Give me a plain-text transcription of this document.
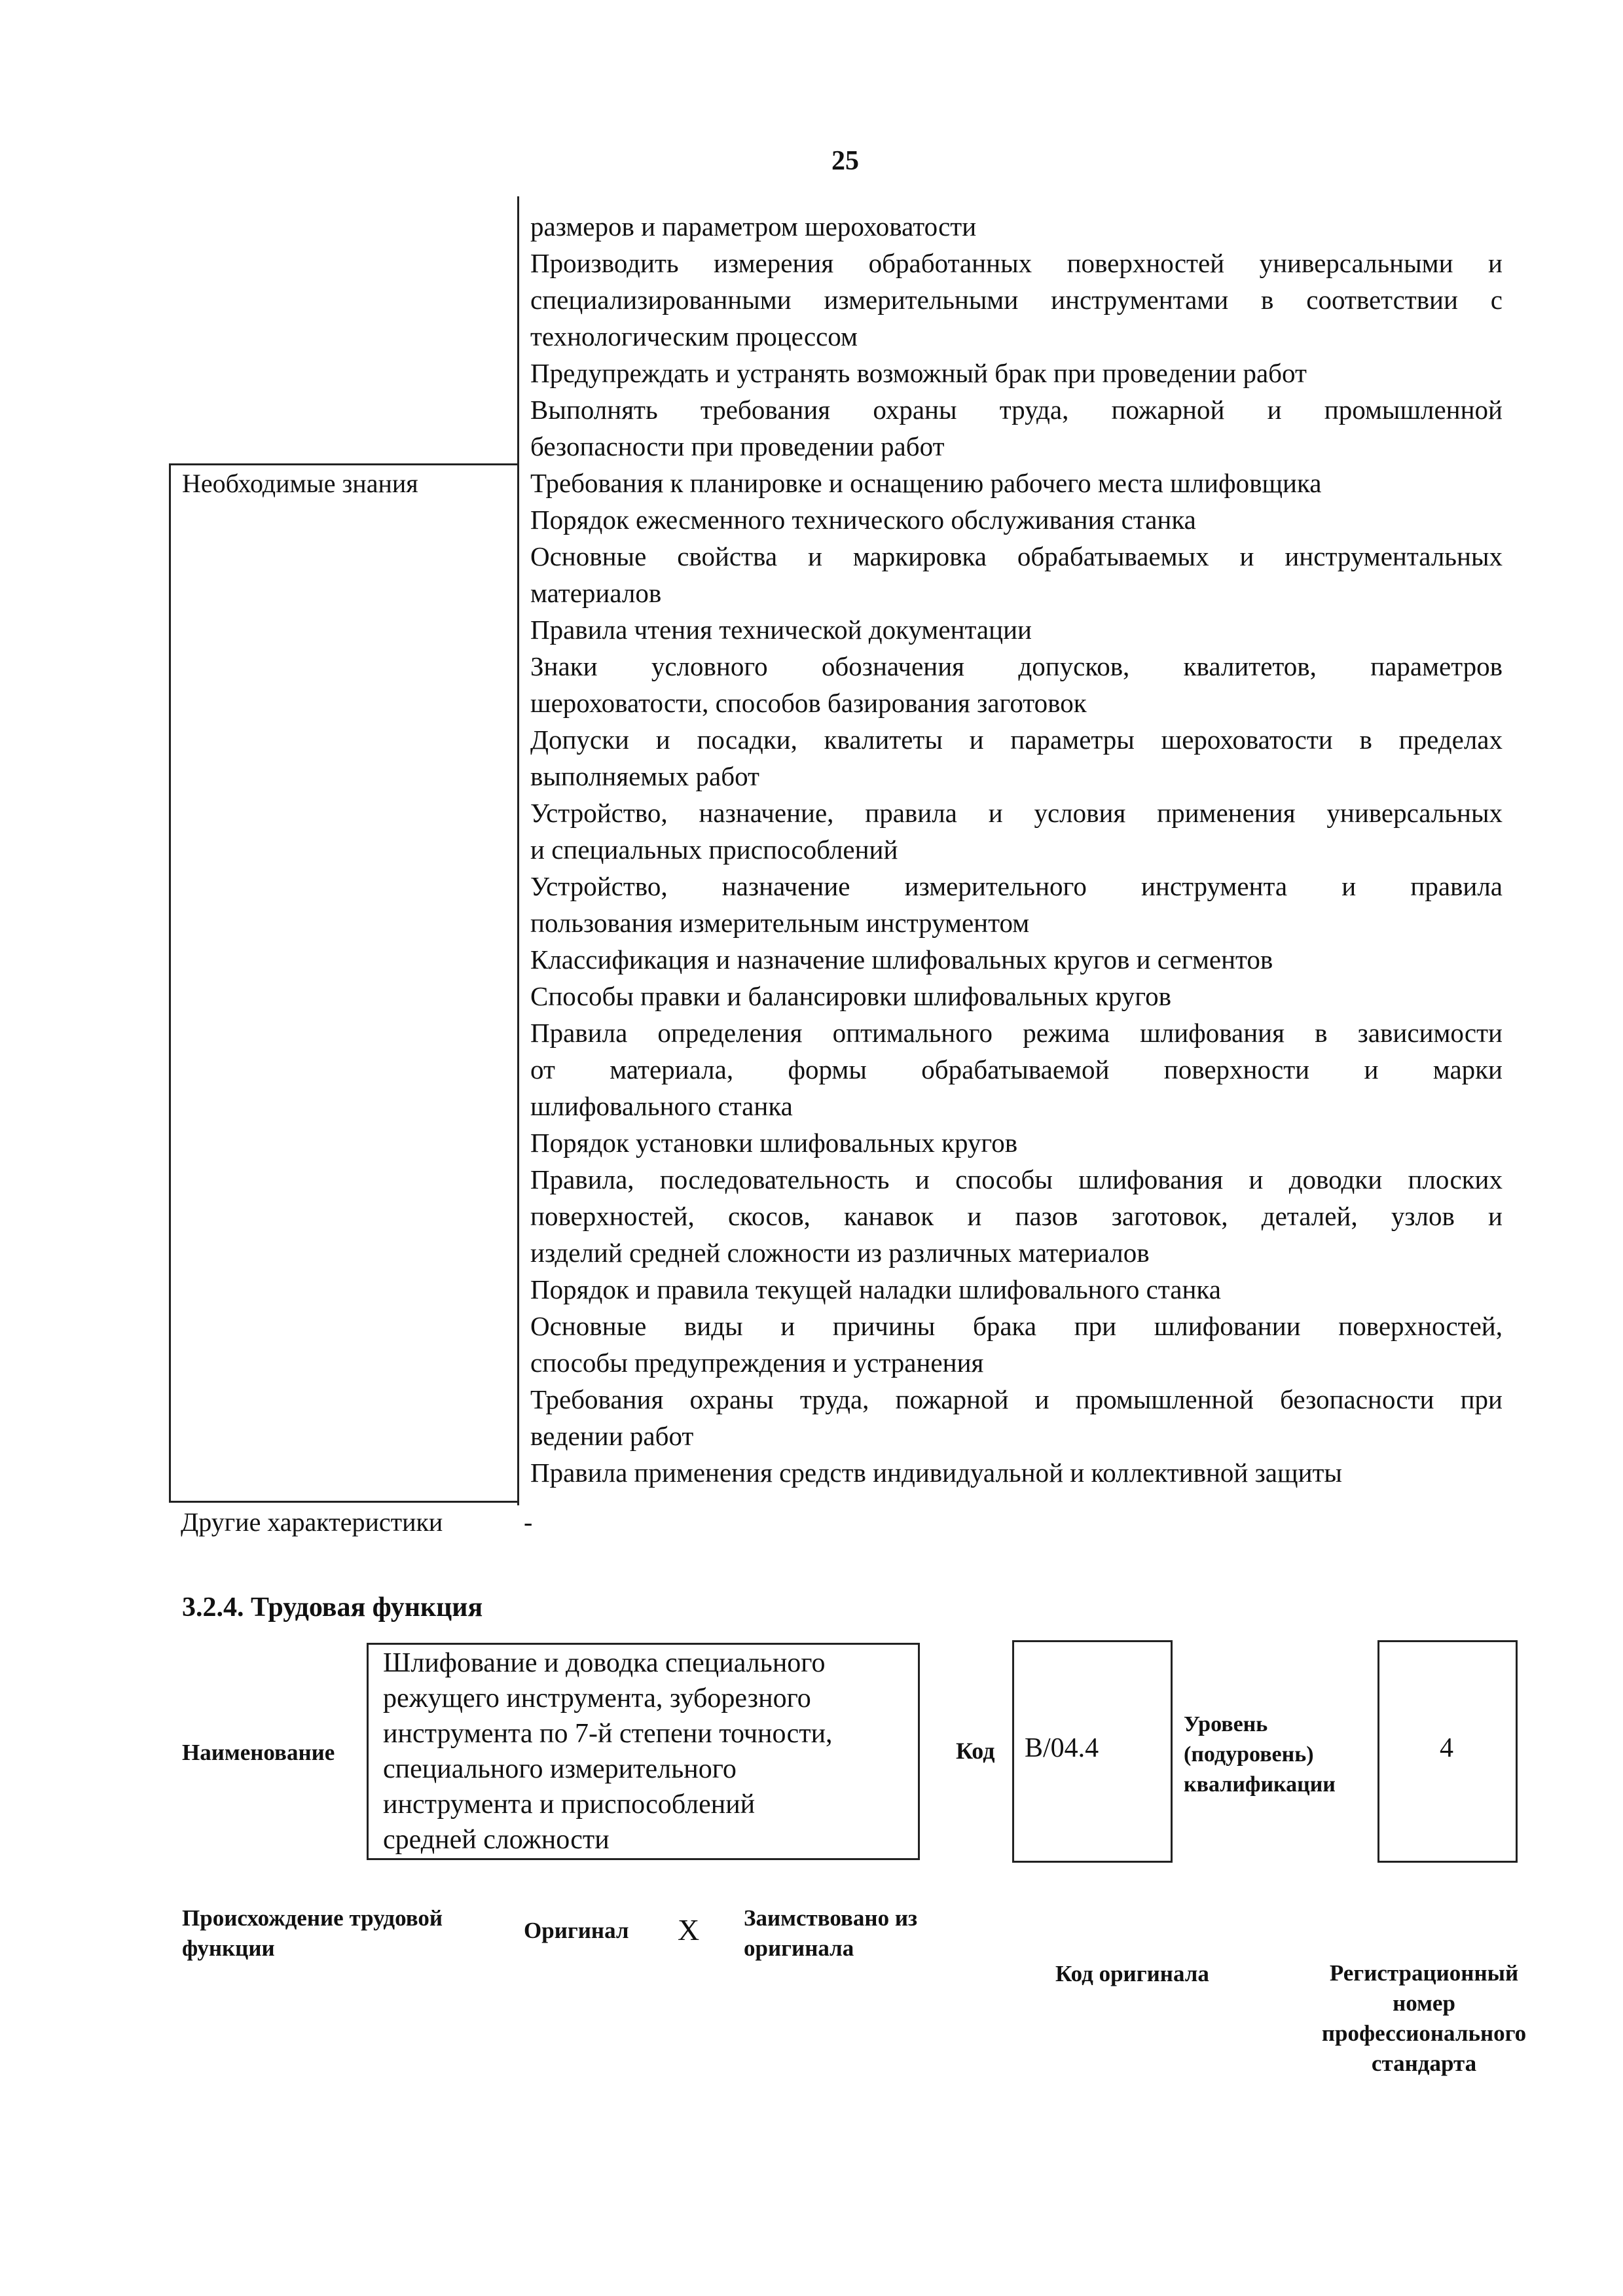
25

размеров и параметром шероховатости

Производить измерения обработанных поверхностей универсальными и

специализированными измерительными инструментами в соответствии с

технологическим процессом

Предупреждать и устранять возможный брак при проведении работ

Выполнять требования охраны труда, пожарной и промышленной

безопасности при проведении работ

Необходимые знания	Требования к планировке и оснащению рабочего места шлифовщика

Порядок ежесменного технического обслуживания станка

Основные свойства и маркировка обрабатываемых и инструментальных

материалов

Правила чтения технической документации

Знаки условного обозначения допусков, квалитетов, параметров

шероховатости, способов базирования заготовок

Допуски и посадки, квалитеты и параметры шероховатости в пределах

выполняемых работ

Устройство, назначение, правила и условия применения универсальных

и специальных приспособлений

Устройство, назначение измерительного инструмента и правила

пользования измерительным инструментом

Классификация и назначение шлифовальных кругов и сегментов

Способы правки и балансировки шлифовальных кругов

Правила определения оптимального режима шлифования в зависимости

от материала, формы обрабатываемой поверхности и марки

шлифовального станка

Порядок установки шлифовальных кругов

Правила, последовательность и способы шлифования и доводки плоских

поверхностей, скосов, канавок и пазов заготовок, деталей, узлов и

изделий средней сложности из различных материалов

Порядок и правила текущей наладки шлифовального станка

Основные виды и причины брака при шлифовании поверхностей,

способы предупреждения и устранения

Требования охраны труда, пожарной и промышленной безопасности при

ведении работ

Правила применения средств индивидуальной и коллективной защиты

Другие характеристики	-
3.2.4. Трудовая функция
Наименование
Шлифование и доводка специального
режущего инструмента, зуборезного
инструмента по 7-й степени точности,
специального измерительного
инструмента и приспособлений
средней сложности
Код B/04.4
Уровень
(подуровень)
квалификации
4
Происхождение трудовой
функции
Оригинал X Заимствовано из
оригинала
Код оригинала	Регистрационный
номер
профессионального
стандарта
